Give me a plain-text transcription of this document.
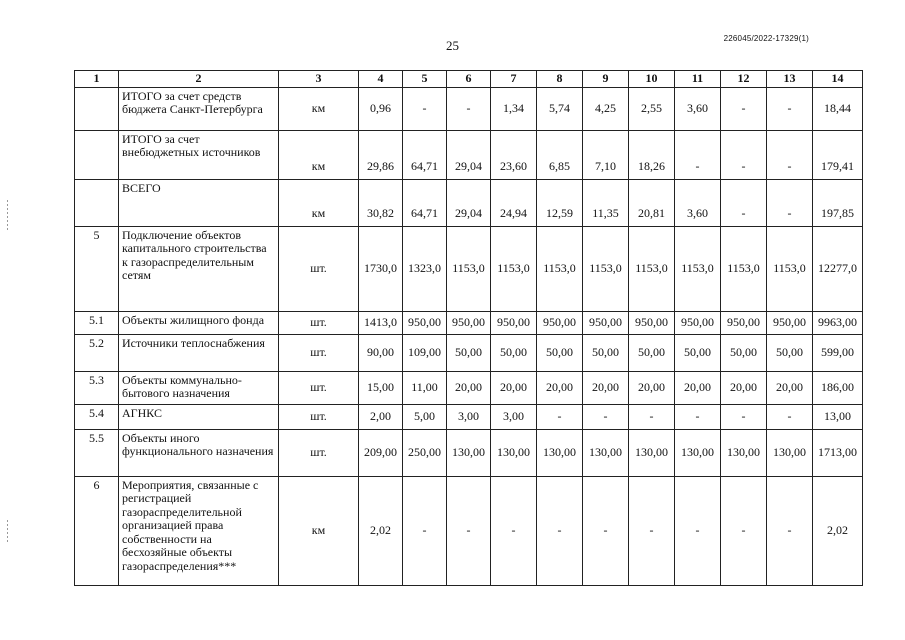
25	226045/2022-17329(1)
1	2	3	4	5	6	7	8	9	10	11	12	13	14
	ИТОГО за счет средств бюджета Санкт-Петербурга	км	0,96	-	-	1,34	5,74	4,25	2,55	3,60	-	-	18,44
	ИТОГО за счет внебюджетных источников	км	29,86	64,71	29,04	23,60	6,85	7,10	18,26	-	-	-	179,41
	ВСЕГО	км	30,82	64,71	29,04	24,94	12,59	11,35	20,81	3,60	-	-	197,85
5	Подключение объектов капитального строительства к газораспределительным сетям	шт.	1730,0	1323,0	1153,0	1153,0	1153,0	1153,0	1153,0	1153,0	1153,0	1153,0	12277,0
5.1	Объекты жилищного фонда	шт.	1413,0	950,00	950,00	950,00	950,00	950,00	950,00	950,00	950,00	950,00	9963,00
5.2	Источники теплоснабжения	шт.	90,00	109,00	50,00	50,00	50,00	50,00	50,00	50,00	50,00	50,00	599,00
5.3	Объекты коммунально-бытового назначения	шт.	15,00	11,00	20,00	20,00	20,00	20,00	20,00	20,00	20,00	20,00	186,00
5.4	АГНКС	шт.	2,00	5,00	3,00	3,00	-	-	-	-	-	-	13,00
5.5	Объекты иного функционального назначения	шт.	209,00	250,00	130,00	130,00	130,00	130,00	130,00	130,00	130,00	130,00	1713,00
6	Мероприятия, связанные с регистрацией газораспределительной организацией права собственности на бесхозяйные объекты газораспределения***	км	2,02	-	-	-	-	-	-	-	-	-	2,02
